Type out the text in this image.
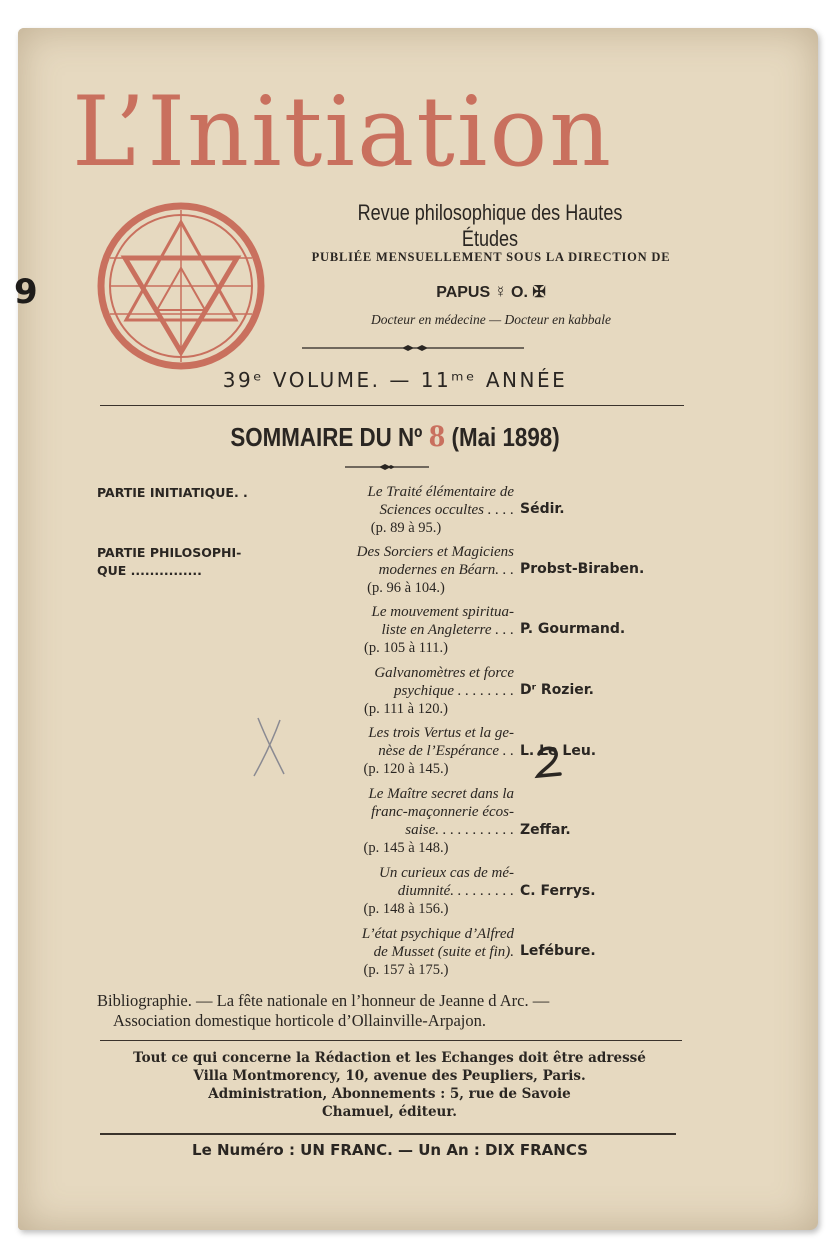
9
L’Initiation
Revue philosophique des Hautes Études
PUBLIÉE MENSUELLEMENT SOUS LA DIRECTION DE
PAPUS ☿ O. ✠
Docteur en médecine — Docteur en kabbale
39ᵉ VOLUME. — 11ᵐᵉ ANNÉE
SOMMAIRE DU Nº 8 (Mai 1898)
PARTIE INITIATIQUE. .
PARTIE PHILOSOPHI-
QUE ...............

Le Traité élémentaire de

Sciences occultes . . . .

(p. 89 à 95.)

Sédir.

Des Sorciers et Magiciens

modernes en Béarn. . .

(p. 96 à 104.)

Probst-Biraben.

Le mouvement spiritua-

liste en Angleterre . . .

(p. 105 à 111.)

P. Gourmand.

Galvanomètres et force

psychique . . . . . . . .

(p. 111 à 120.)

Dʳ Rozier.

Les trois Vertus et la ge-

nèse de l’Espérance . .

(p. 120 à 145.)

L. Le Leu.

Le Maître secret dans la

franc-maçonnerie écos-

saise. . . . . . . . . . .

(p. 145 à 148.)

Zeffar.

Un curieux cas de mé-

diumnité. . . . . . . . .

(p. 148 à 156.)

C. Ferrys.

L’état psychique d’Alfred

de Musset (suite et fin).

(p. 157 à 175.)

Lefébure.
Bibliographie. — La fête nationale en l’honneur de Jeanne d Arc. —
Association domestique horticole d’Ollainville-Arpajon.
Tout ce qui concerne la Rédaction et les Echanges doit être adressé
Villa Montmorency, 10, avenue des Peupliers, Paris.
Administration, Abonnements : 5, rue de Savoie
Chamuel, éditeur.
Le Numéro : UN FRANC. — Un An : DIX FRANCS
